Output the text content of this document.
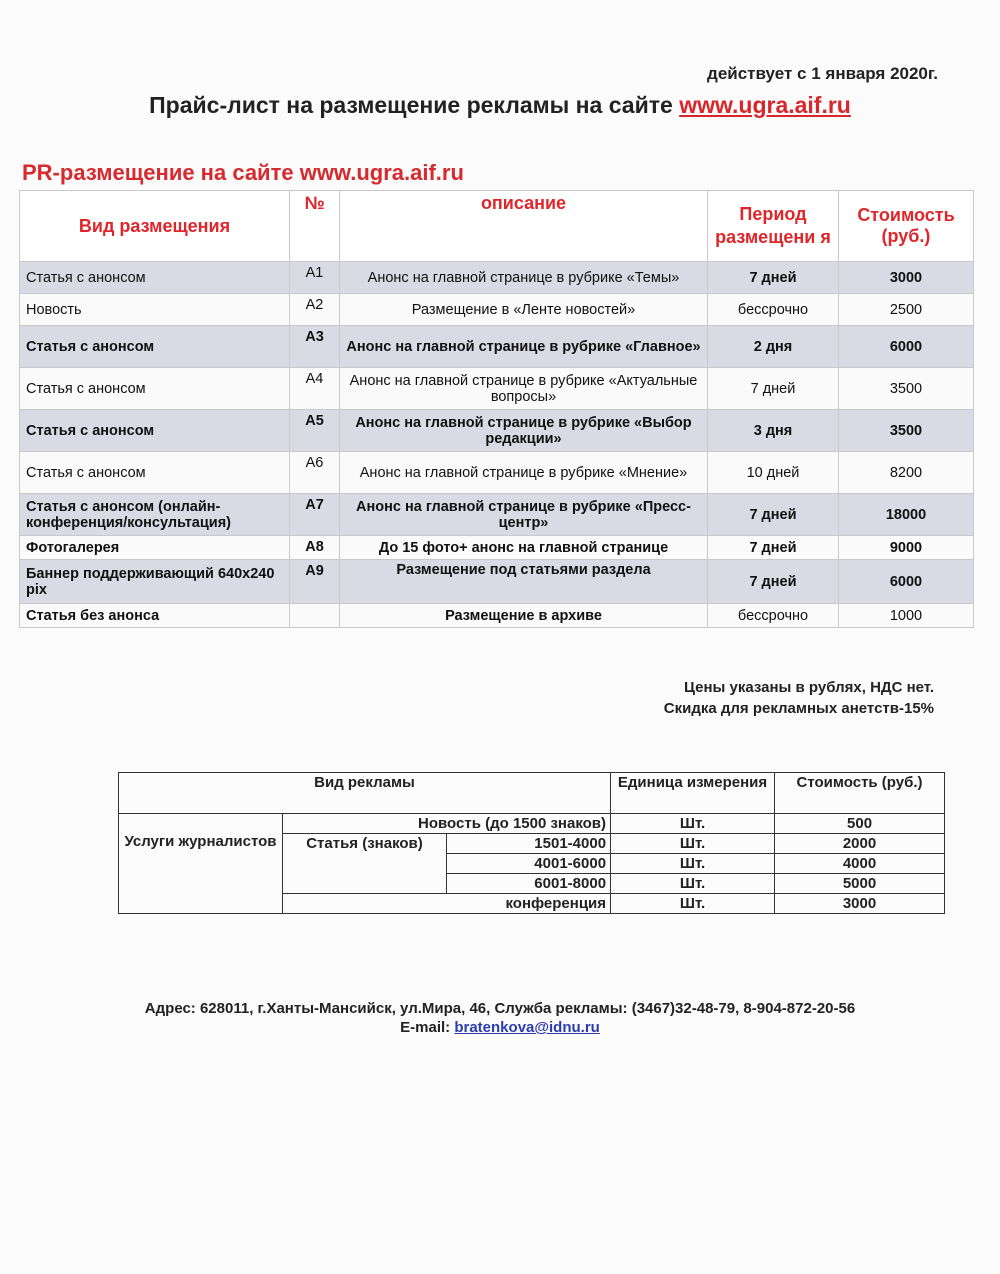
действует с 1 января 2020г.
Прайс-лист на размещение рекламы на сайте www.ugra.aif.ru
PR-размещение на сайте www.ugra.aif.ru
Вид размещения	№	описание	Период размещени я	Стоимость (руб.)
Статья с анонсом	А1	Анонс на главной странице в рубрике «Темы»	7 дней	3000
Новость	А2	Размещение в «Ленте новостей»	бессрочно	2500
Статья с анонсом	А3	Анонс на главной странице в рубрике «Главное»	2 дня	6000
Статья с анонсом	А4	Анонс на главной странице в рубрике «Актуальные вопросы»	7 дней	3500
Статья с анонсом	А5	Анонс на главной странице в рубрике «Выбор редакции»	3 дня	3500
Статья с анонсом	А6	Анонс на главной странице в рубрике «Мнение»	10 дней	8200
Статья с анонсом (онлайн-конференция/консультация)	А7	Анонс на главной странице в рубрике «Пресс-центр»	7 дней	18000
Фотогалерея	А8	До 15 фото+ анонс на главной странице	7 дней	9000
Баннер поддерживающий 640x240 pix	А9	Размещение под статьями раздела	7 дней	6000
Статья без анонса		Размещение в архиве	бессрочно	1000
Цены указаны в рублях, НДС нет.
Скидка для рекламных анетств-15%
Вид рекламы			Единица измерения	Стоимость (руб.)
Услуги журналистов	Новость (до 1500 знаков)		Шт.	500
	Статья (знаков)	1501-4000	Шт.	2000
		4001-6000	Шт.	4000
		6001-8000	Шт.	5000
	конференция		Шт.	3000
Адрес: 628011, г.Ханты-Мансийск, ул.Мира, 46, Служба рекламы: (3467)32-48-79, 8-904-872-20-56
E-mail: bratenkova@idnu.ru
